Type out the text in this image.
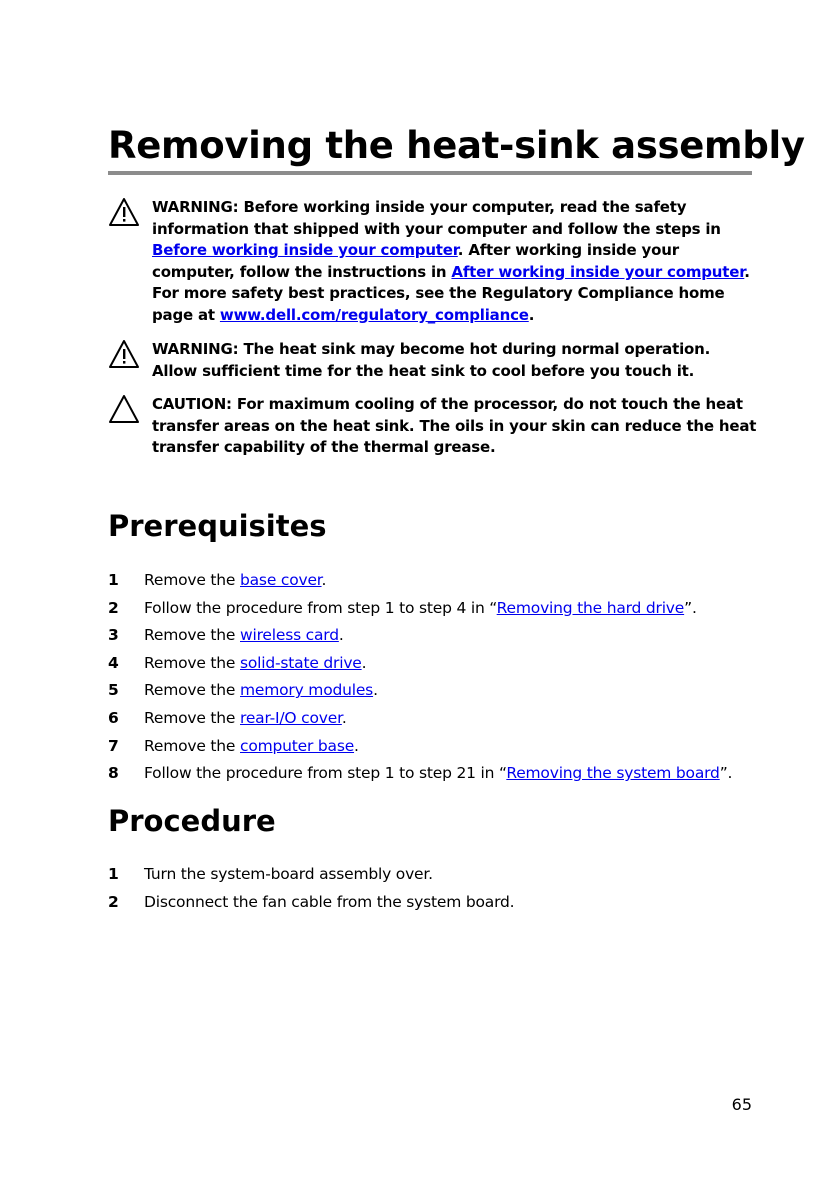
Removing the heat-sink assembly

WARNING: Before working inside your computer, read the safety information that shipped with your computer and follow the steps in Before working inside your computer. After working inside your computer, follow the instructions in After working inside your computer. For more safety best practices, see the Regulatory Compliance home page at www.dell.com/regulatory_compliance.

WARNING: The heat sink may become hot during normal operation. Allow sufficient time for the heat sink to cool before you touch it.

CAUTION: For maximum cooling of the processor, do not touch the heat transfer areas on the heat sink. The oils in your skin can reduce the heat transfer capability of the thermal grease.

Prerequisites
1 Remove the base cover.
2 Follow the procedure from step 1 to step 4 in “Removing the hard drive”.
3 Remove the wireless card.
4 Remove the solid-state drive.
5 Remove the memory modules.
6 Remove the rear-I/O cover.
7 Remove the computer base.
8 Follow the procedure from step 1 to step 21 in “Removing the system board”.
Procedure
1 Turn the system-board assembly over.
2 Disconnect the fan cable from the system board.
65
